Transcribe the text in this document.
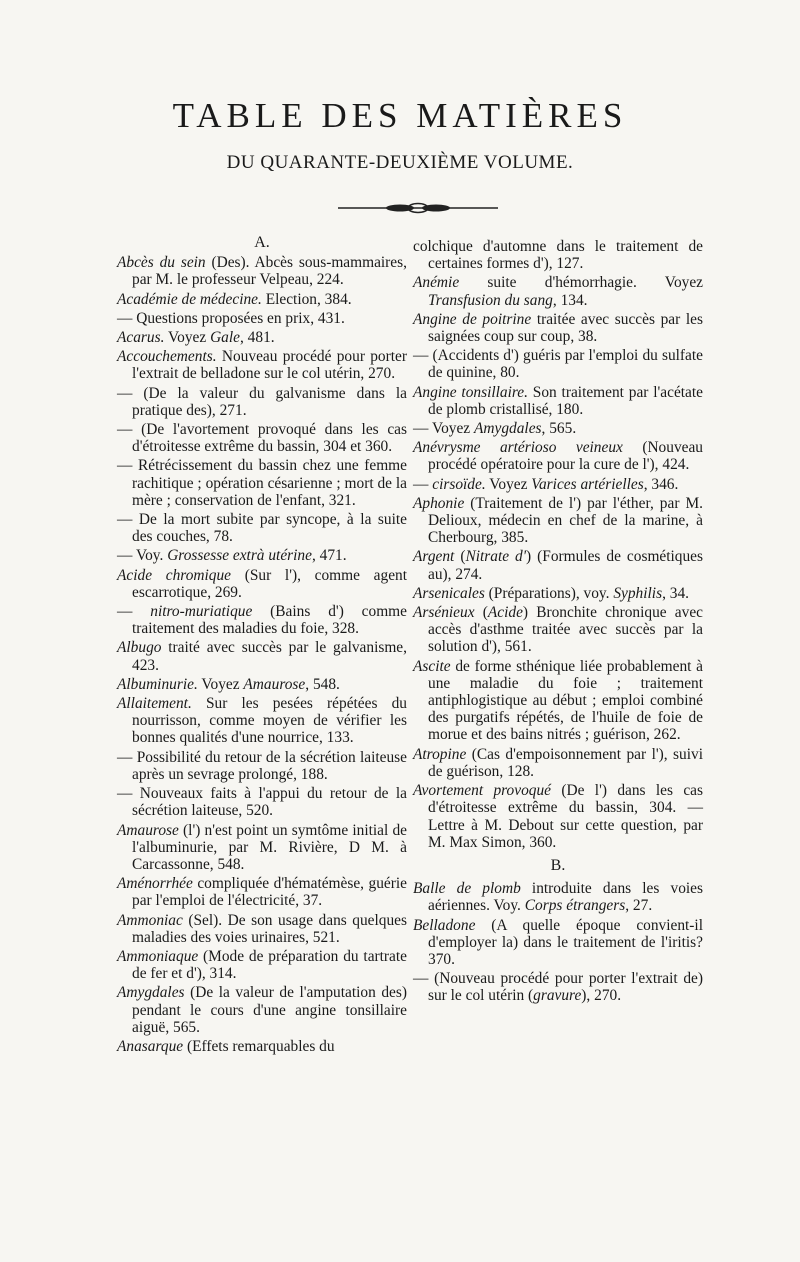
TABLE DES MATIÈRES
DU QUARANTE-DEUXIÈME VOLUME.
A.
Abcès du sein (Des). Abcès sous-mammaires, par M. le professeur Velpeau, 224.
Académie de médecine. Election, 384.
— Questions proposées en prix, 431.
Acarus. Voyez Gale, 481.
Accouchements. Nouveau procédé pour porter l'extrait de belladone sur le col utérin, 270.
— (De la valeur du galvanisme dans la pratique des), 271.
— (De l'avortement provoqué dans les cas d'étroitesse extrême du bassin, 304 et 360.
— Rétrécissement du bassin chez une femme rachitique ; opération césarienne ; mort de la mère ; conservation de l'enfant, 321.
— De la mort subite par syncope, à la suite des couches, 78.
— Voy. Grossesse extrà utérine, 471.
Acide chromique (Sur l'), comme agent escarrotique, 269.
— nitro-muriatique (Bains d') comme traitement des maladies du foie, 328.
Albugo traité avec succès par le galvanisme, 423.
Albuminurie. Voyez Amaurose, 548.
Allaitement. Sur les pesées répétées du nourrisson, comme moyen de vérifier les bonnes qualités d'une nourrice, 133.
— Possibilité du retour de la sécrétion laiteuse après un sevrage prolongé, 188.
— Nouveaux faits à l'appui du retour de la sécrétion laiteuse, 520.
Amaurose (l') n'est point un symtôme initial de l'albuminurie, par M. Rivière, D M. à Carcassonne, 548.
Aménorrhée compliquée d'hématémèse, guérie par l'emploi de l'électricité, 37.
Ammoniac (Sel). De son usage dans quelques maladies des voies urinaires, 521.
Ammoniaque (Mode de préparation du tartrate de fer et d'), 314.
Amygdales (De la valeur de l'amputation des) pendant le cours d'une angine tonsillaire aiguë, 565.
Anasarque (Effets remarquables du
colchique d'automne dans le traitement de certaines formes d'), 127.
Anémie suite d'hémorrhagie. Voyez Transfusion du sang, 134.
Angine de poitrine traitée avec succès par les saignées coup sur coup, 38.
— (Accidents d') guéris par l'emploi du sulfate de quinine, 80.
Angine tonsillaire. Son traitement par l'acétate de plomb cristallisé, 180.
— Voyez Amygdales, 565.
Anévrysme artérioso veineux (Nouveau procédé opératoire pour la cure de l'), 424.
— cirsoïde. Voyez Varices artérielles, 346.
Aphonie (Traitement de l') par l'éther, par M. Delioux, médecin en chef de la marine, à Cherbourg, 385.
Argent (Nitrate d') (Formules de cosmétiques au), 274.
Arsenicales (Préparations), voy. Syphilis, 34.
Arsénieux (Acide) Bronchite chronique avec accès d'asthme traitée avec succès par la solution d'), 561.
Ascite de forme sthénique liée probablement à une maladie du foie ; traitement antiphlogistique au début ; emploi combiné des purgatifs répétés, de l'huile de foie de morue et des bains nitrés ; guérison, 262.
Atropine (Cas d'empoisonnement par l'), suivi de guérison, 128.
Avortement provoqué (De l') dans les cas d'étroitesse extrême du bassin, 304. — Lettre à M. Debout sur cette question, par M. Max Simon, 360.
B.
Balle de plomb introduite dans les voies aériennes. Voy. Corps étrangers, 27.
Belladone (A quelle époque convient-il d'employer la) dans le traitement de l'iritis? 370.
— (Nouveau procédé pour porter l'extrait de) sur le col utérin (gravure), 270.
